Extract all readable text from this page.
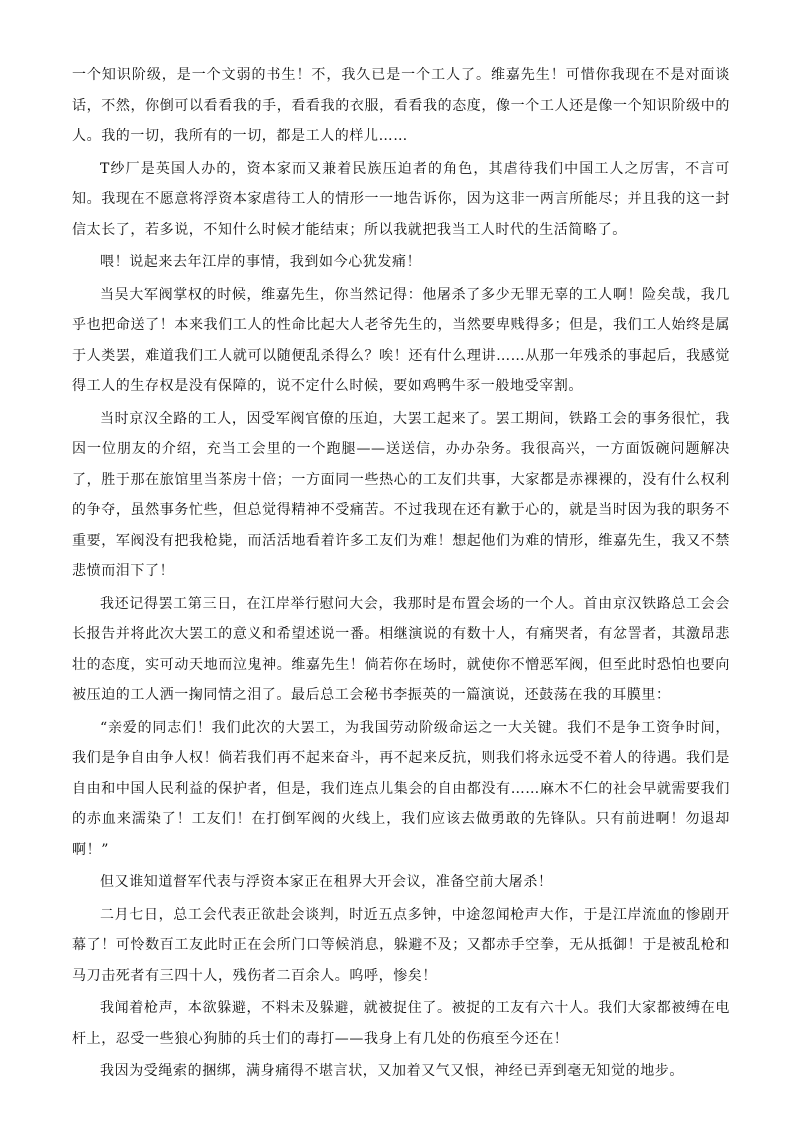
一个知识阶级，是一个文弱的书生！不，我久已是一个工人了。维嘉先生！可惜你我现在不是对面谈话，不然，你倒可以看看我的手，看看我的衣服，看看我的态度，像一个工人还是像一个知识阶级中的人。我的一切，我所有的一切，都是工人的样儿……

T纱厂是英国人办的，资本家而又兼着民族压迫者的角色，其虐待我们中国工人之厉害，不言可知。我现在不愿意将浮资本家虐待工人的情形一一地告诉你，因为这非一两言所能尽；并且我的这一封信太长了，若多说，不知什么时候才能结束；所以我就把我当工人时代的生活简略了。

喂！说起来去年江岸的事情，我到如今心犹发痛！

当吴大军阀掌权的时候，维嘉先生，你当然记得：他屠杀了多少无罪无辜的工人啊！险矣哉，我几乎也把命送了！本来我们工人的性命比起大人老爷先生的，当然要卑贱得多；但是，我们工人始终是属于人类罢，难道我们工人就可以随便乱杀得么？唉！还有什么理讲……从那一年残杀的事起后，我感觉得工人的生存权是没有保障的，说不定什么时候，要如鸡鸭牛豕一般地受宰割。

当时京汉全路的工人，因受军阀官僚的压迫，大罢工起来了。罢工期间，铁路工会的事务很忙，我因一位朋友的介绍，充当工会里的一个跑腿——送送信，办办杂务。我很高兴，一方面饭碗问题解决了，胜于那在旅馆里当茶房十倍；一方面同一些热心的工友们共事，大家都是赤裸裸的，没有什么权利的争夺，虽然事务忙些，但总觉得精神不受痛苦。不过我现在还有歉于心的，就是当时因为我的职务不重要，军阀没有把我枪毙，而活活地看着许多工友们为难！想起他们为难的情形，维嘉先生，我又不禁悲愤而泪下了！

我还记得罢工第三日，在江岸举行慰问大会，我那时是布置会场的一个人。首由京汉铁路总工会会长报告并将此次大罢工的意义和希望述说一番。相继演说的有数十人，有痛哭者，有忿詈者，其激昂悲壮的态度，实可动天地而泣鬼神。维嘉先生！倘若你在场时，就使你不憎恶军阀，但至此时恐怕也要向被压迫的工人洒一掬同情之泪了。最后总工会秘书李振英的一篇演说，还鼓荡在我的耳膜里：

“亲爱的同志们！我们此次的大罢工，为我国劳动阶级命运之一大关键。我们不是争工资争时间，我们是争自由争人权！倘若我们再不起来奋斗，再不起来反抗，则我们将永远受不着人的待遇。我们是自由和中国人民利益的保护者，但是，我们连点儿集会的自由都没有……麻木不仁的社会早就需要我们的赤血来濡染了！工友们！在打倒军阀的火线上，我们应该去做勇敢的先锋队。只有前进啊！勿退却啊！”

但又谁知道督军代表与浮资本家正在租界大开会议，准备空前大屠杀！

二月七日，总工会代表正欲赴会谈判，时近五点多钟，中途忽闻枪声大作，于是江岸流血的惨剧开幕了！可怜数百工友此时正在会所门口等候消息，躲避不及；又都赤手空拳，无从抵御！于是被乱枪和马刀击死者有三四十人，残伤者二百余人。呜呼，惨矣！

我闻着枪声，本欲躲避，不料未及躲避，就被捉住了。被捉的工友有六十人。我们大家都被缚在电杆上，忍受一些狼心狗肺的兵士们的毒打——我身上有几处的伤痕至今还在！

我因为受绳索的捆绑，满身痛得不堪言状，又加着又气又恨，神经已弄到毫无知觉的地步。
